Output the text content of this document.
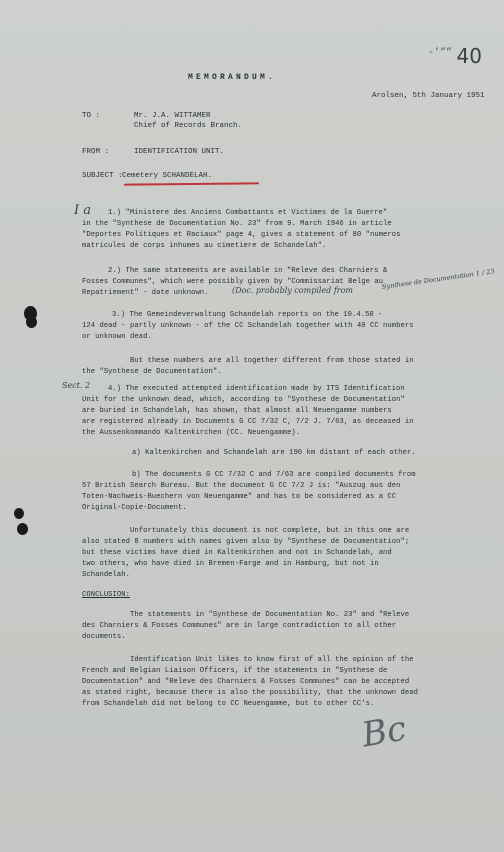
-’”” 40
MEMORANDUM.
Arolsen, 5th January 1951
TO :	Mr. J.A. WITTAMER
Chief of Records Branch.
FROM :	IDENTIFICATION UNIT.
SUBJECT : Cemetery SCHANDELAH.
I a 1.) "Ministere des Anciens Combattants et Victimes de la Guerre"
in the "Synthese de Documentation No. 23" from 9. March 1946 in article
"Deportes Politiques et Raciaux" page 4, gives a statement of 80 "numeros
matricules de corps inhumes au cimetiere de Schandelah".
2.) The same statements are available in "Releve des Charniers &
Fosses Communes", which were possibly given by "Commissariat Belge au
Repatriement" - date unknown.	(Doc. probably compiled from	Synthese de Documentation 1 / 23
3.) The Gemeindeverwaltung Schandelah reports on the 10.4.50 -
124 dead - partly unknown - of the CC Schandelah together with 40 CC numbers
or unknown dead.
But these numbers are all together different from those stated in
the "Synthese de Documentation".
Sect. 2 4.) The executed attempted identification made by ITS Identification
Unit for the unknown dead, which, according to "Synthese de Documentation"
are buried in Schandelah, has shown, that almost all Neuengamme numbers
are registered already in Documents G CC 7/32 C, 7/2 J. 7/63, as deceased in
the Aussenkommando Kaltenkirchen (CC. Neuengamme).
a) Kaltenkirchen and Schandelah are 190 km distant of each other.
b) The documents G CC 7/32 C and 7/63 are compiled documents from
57 British Search Bureau. But the document G CC 7/2 J is: "Auszug aus den
Toten-Nachweis-Buechern von Neuengamme" and has to be considered as a CC
Original-Copie-Document.
Unfortunately this document is not complete, but in this one are
also stated 8 numbers with names given also by "Synthese de Documentation";
but these victims have died in Kaltenkirchen and not in Schandelah, and
two others, who have died in Bremen-Farge and in Hamburg, but not in
Schandelah.
CONCLUSION:
The statements in "Synthese de Documentation No. 23" and "Releve
des Charniers & Fosses Communes" are in large contradiction to all other
documents.
Identification Unit likes to know first of all the opinion of the
French and Belgian Liaison Officers, if the statements in "Synthese de
Documentation" and "Releve des Charniers & Fosses Communes" can be accepted
as stated right, because there is also the possibility, that the unknown dead
from Schandelah did not belong to CC Neuengamme, but to other CC's.
Bc
